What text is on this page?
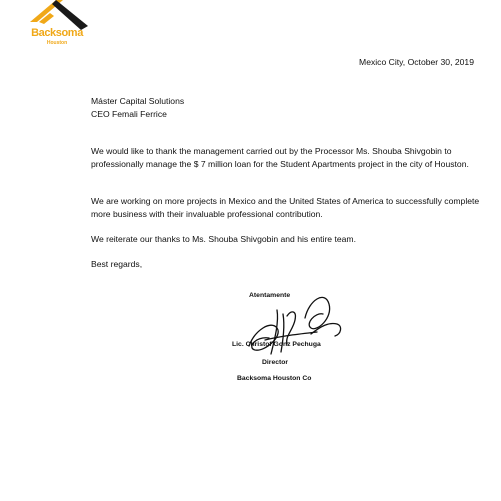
Backsoma
Houston
Mexico City, October 30, 2019
Máster Capital Solutions
CEO Femali Ferrice
We would like to thank the management carried out by the Processor Ms. Shouba Shivgobin to professionally manage the $ 7 million loan for the Student Apartments project in the city of Houston.
We are working on more projects in Mexico and the United States of America to successfully complete more business with their invaluable professional contribution.
We reiterate our thanks to Ms. Shouba Shivgobin and his entire team.
Best regards,
Atentamente
Lic. Christof Gonz Pechuga
Director
Backsoma Houston Co
